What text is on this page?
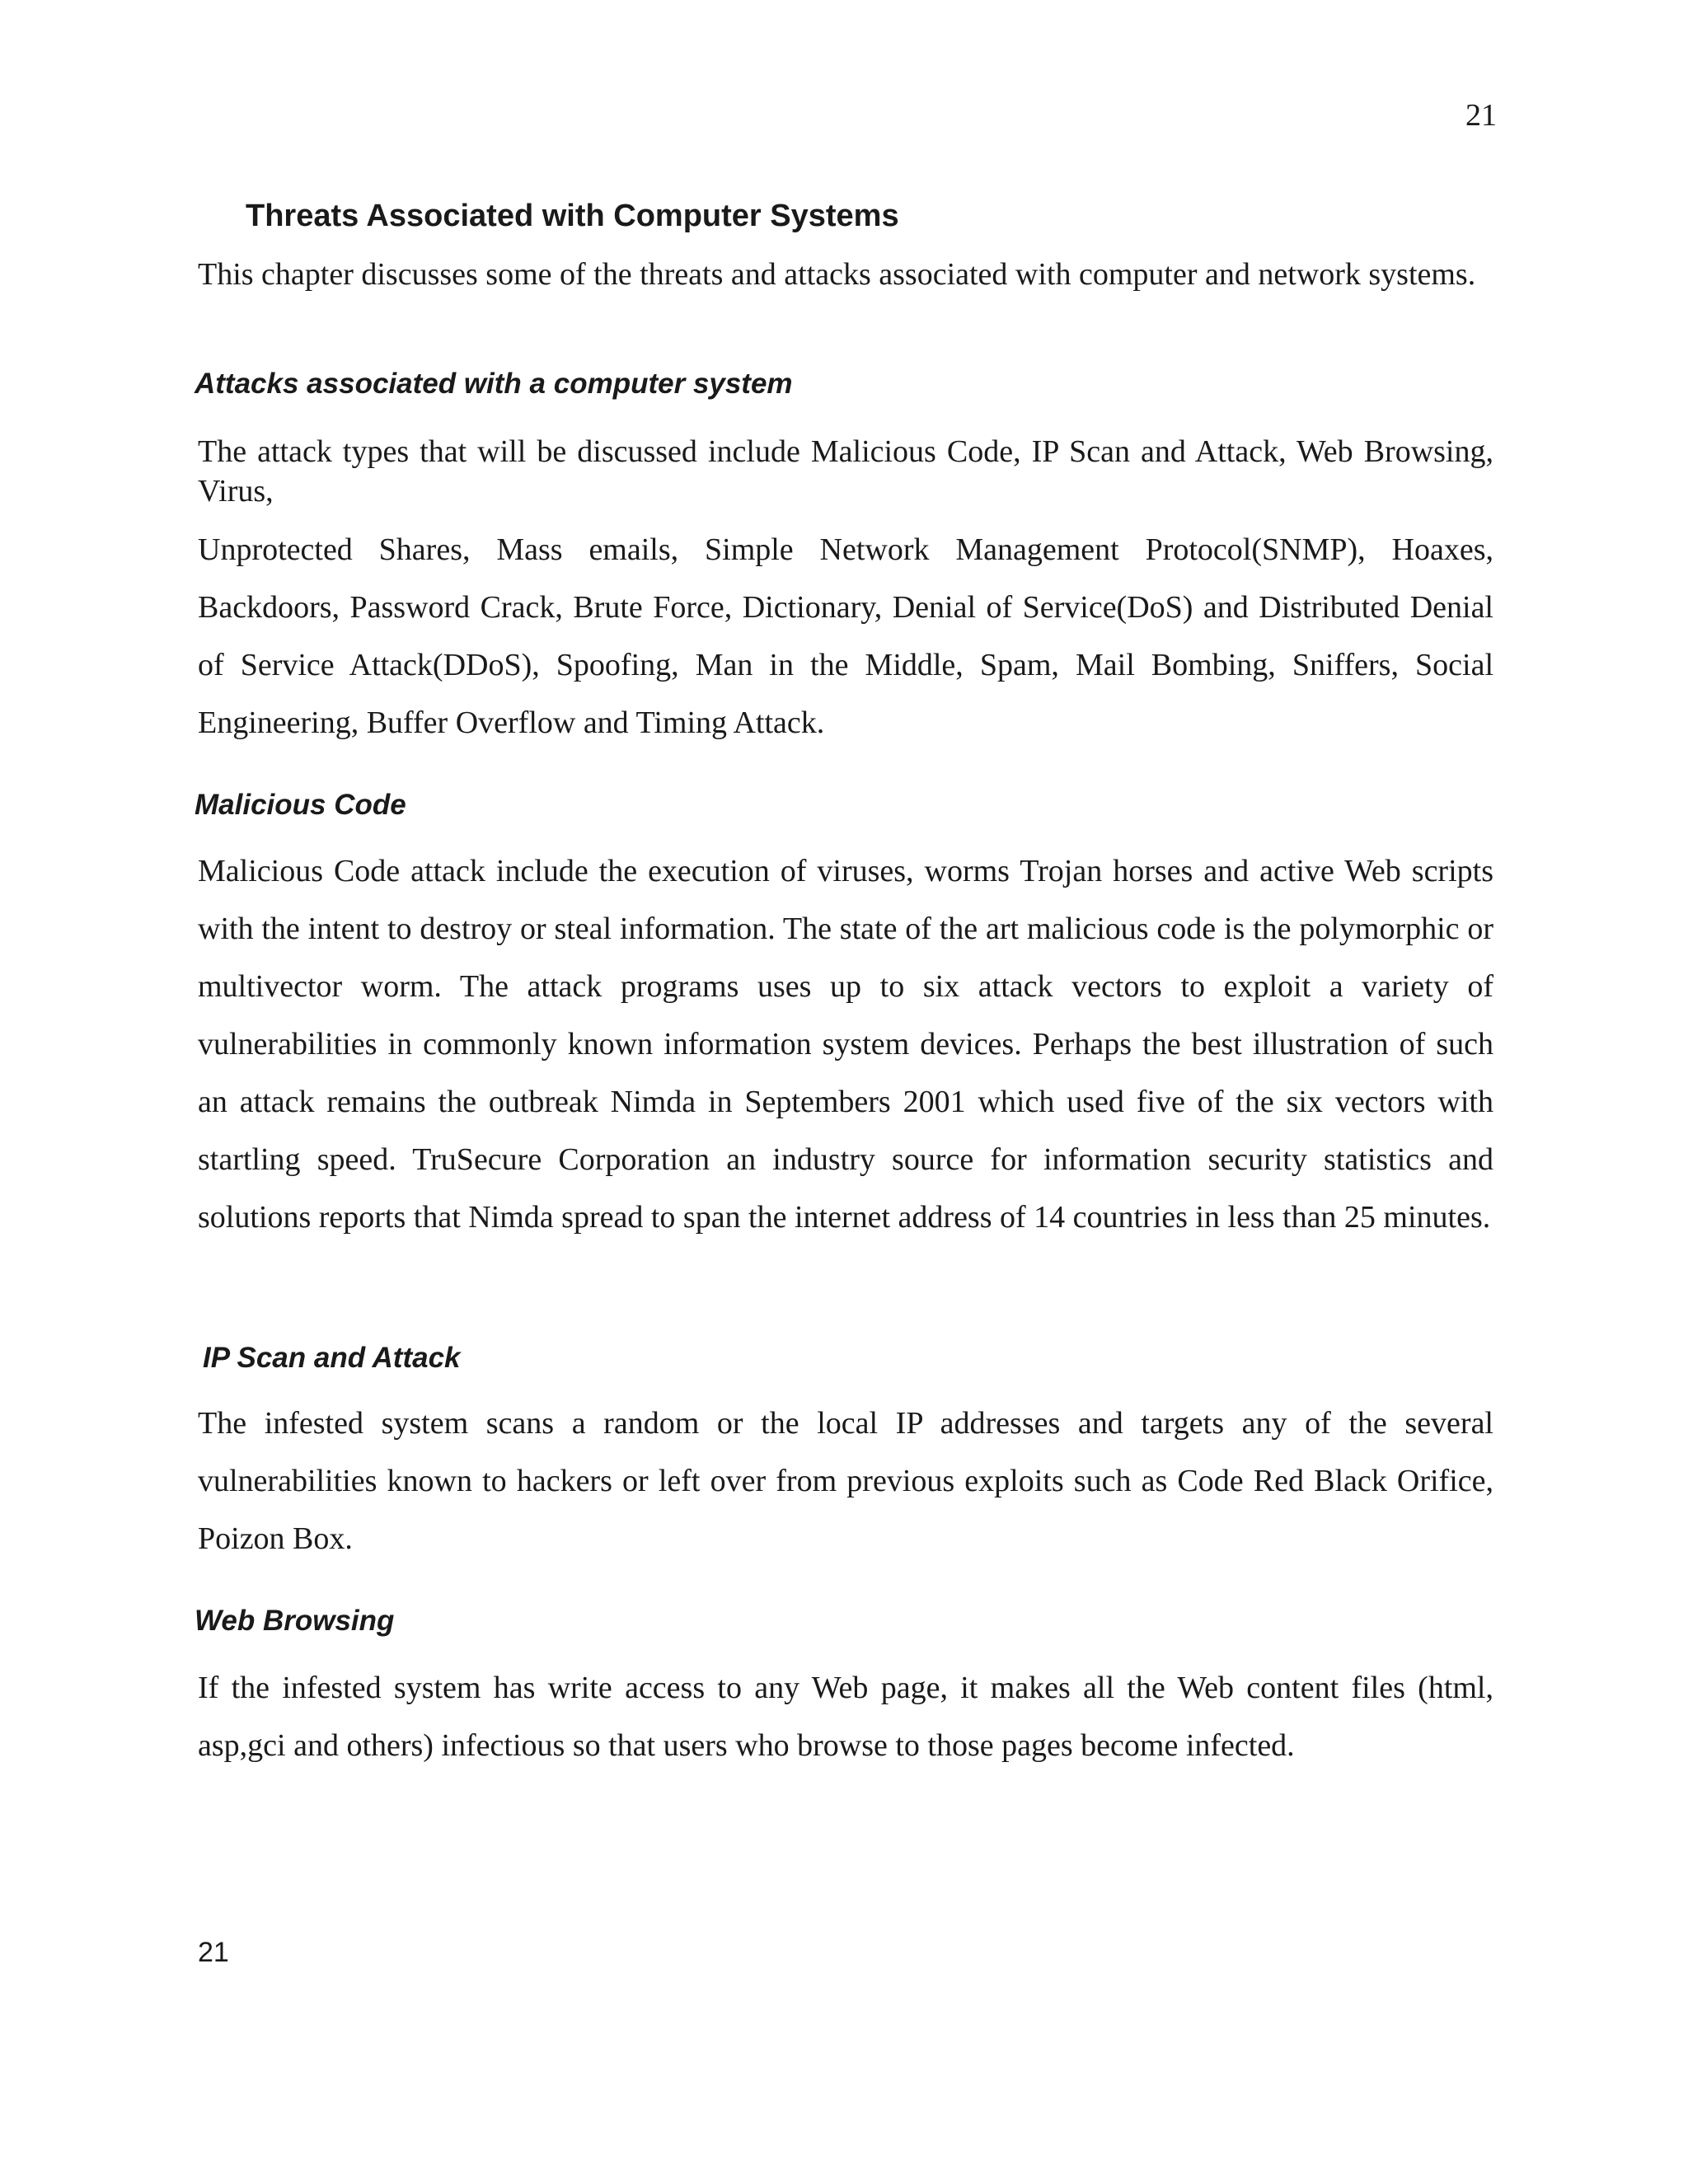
21
Threats Associated with Computer Systems
This chapter discusses some of the threats and attacks associated with computer and network systems.
Attacks associated with a computer system
The attack types that will be discussed include Malicious Code, IP Scan and Attack, Web Browsing, Virus,
Unprotected Shares, Mass emails, Simple Network Management Protocol(SNMP), Hoaxes, Backdoors, Password Crack, Brute Force, Dictionary, Denial of Service(DoS) and Distributed Denial of Service Attack(DDoS), Spoofing, Man in the Middle, Spam, Mail Bombing, Sniffers, Social Engineering, Buffer Overflow and Timing Attack.
Malicious Code
Malicious Code attack include the execution of viruses, worms Trojan horses and active Web scripts with the intent to destroy or steal information. The state of the art malicious code is the polymorphic or multivector worm. The attack programs uses up to six attack vectors to exploit a variety of vulnerabilities in commonly known information system devices. Perhaps the best illustration of such an attack remains the outbreak Nimda in Septembers 2001 which used five of the six vectors with startling speed. TruSecure Corporation an industry source for information security statistics and solutions reports that Nimda spread to span the internet address of 14 countries in less than 25 minutes.
IP Scan and Attack
The infested system scans a random or the local IP addresses and targets any of the several vulnerabilities known to hackers or left over from previous exploits such as Code Red Black Orifice, Poizon Box.
Web Browsing
If the infested system has write access to any Web page, it makes all the Web content files (html, asp,gci and others) infectious so that users who browse to those pages become infected.
21
